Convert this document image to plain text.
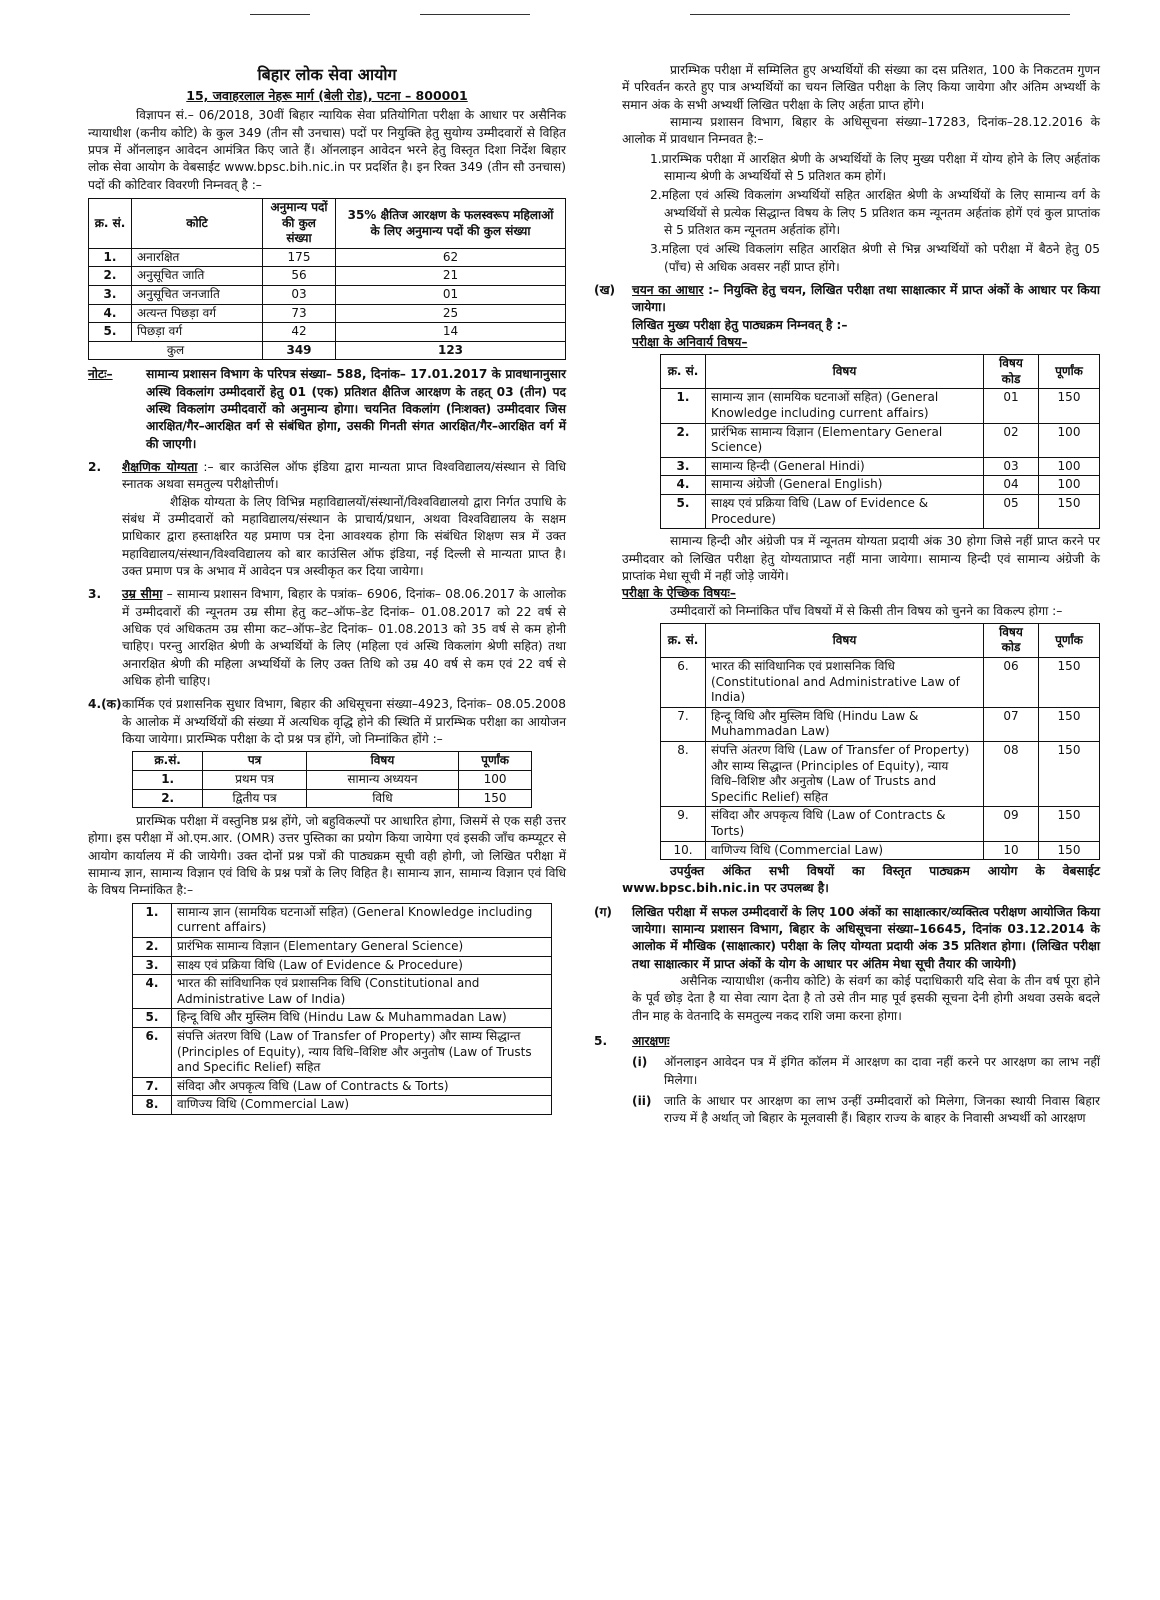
बिहार लोक सेवा आयोग
15, जवाहरलाल नेहरू मार्ग (बेली रोड), पटना – 800001

विज्ञापन सं.– 06/2018, 30वीं बिहार न्यायिक सेवा प्रतियोगिता परीक्षा के आधार पर असैनिक न्यायाधीश (कनीय कोटि) के कुल 349 (तीन सौ उनचास) पदों पर नियुक्ति हेतु सुयोग्य उम्मीदवारों से विहित प्रपत्र में ऑनलाइन आवेदन आमंत्रित किए जाते हैं। ऑनलाइन आवेदन भरने हेतु विस्तृत दिशा निर्देश बिहार लोक सेवा आयोग के वेबसाईट www.bpsc.bih.nic.in पर प्रदर्शित है। इन रिक्त 349 (तीन सौ उनचास) पदों की कोटिवार विवरणी निम्नवत् है :–

क्र. सं.	कोटि	अनुमान्य पदों की कुल संख्या	35% क्षैतिज आरक्षण के फलस्वरूप महिलाओं के लिए अनुमान्य पदों की कुल संख्या
1.	अनारक्षित	175	62
2.	अनुसूचित जाति	56	21
3.	अनुसूचित जनजाति	03	01
4.	अत्यन्त पिछड़ा वर्ग	73	25
5.	पिछड़ा वर्ग	42	14
कुल		349	123
नोटः–	सामान्य प्रशासन विभाग के परिपत्र संख्या– 588, दिनांक– 17.01.2017 के प्रावधानानुसार अस्थि विकलांग उम्मीदवारों हेतु 01 (एक) प्रतिशत क्षैतिज आरक्षण के तहत् 03 (तीन) पद अस्थि विकलांग उम्मीदवारों को अनुमान्य होगा। चयनित विकलांग (निःशक्त) उम्मीदवार जिस आरक्षित/गैर–आरक्षित वर्ग से संबंधित होगा, उसकी गिनती संगत आरक्षित/गैर–आरक्षित वर्ग में की जाएगी।

2.	शैक्षणिक योग्यता :– बार काउंसिल ऑफ इंडिया द्वारा मान्यता प्राप्त विश्वविद्यालय/संस्थान से विधि स्नातक अथवा समतुल्य परीक्षोत्तीर्ण।

शैक्षिक योग्यता के लिए विभिन्न महाविद्यालयों/संस्थानों/विश्वविद्यालयो द्वारा निर्गत उपाधि के संबंध में उम्मीदवारों को महाविद्यालय/संस्थान के प्राचार्य/प्रधान, अथवा विश्वविद्यालय के सक्षम प्राधिकार द्वारा हस्ताक्षरित यह प्रमाण पत्र देना आवश्यक होगा कि संबंधित शिक्षण सत्र में उक्त महाविद्यालय/संस्थान/विश्वविद्यालय को बार काउंसिल ऑफ इंडिया, नई दिल्ली से मान्यता प्राप्त है। उक्त प्रमाण पत्र के अभाव में आवेदन पत्र अस्वीकृत कर दिया जायेगा।

3.	उम्र सीमा – सामान्य प्रशासन विभाग, बिहार के पत्रांक– 6906, दिनांक– 08.06.2017 के आलोक में उम्मीदवारों की न्यूनतम उम्र सीमा हेतु कट–ऑफ–डेट दिनांक– 01.08.2017 को 22 वर्ष से अधिक एवं अधिकतम उम्र सीमा कट–ऑफ–डेट दिनांक– 01.08.2013 को 35 वर्ष से कम होनी चाहिए। परन्तु आरक्षित श्रेणी के अभ्यर्थियों के लिए (महिला एवं अस्थि विकलांग श्रेणी सहित) तथा अनारक्षित श्रेणी की महिला अभ्यर्थियों के लिए उक्त तिथि को उम्र 40 वर्ष से कम एवं 22 वर्ष से अधिक होनी चाहिए।

4.(क) कार्मिक एवं प्रशासनिक सुधार विभाग, बिहार की अधिसूचना संख्या–4923, दिनांक– 08.05.2008 के आलोक में अभ्यर्थियों की संख्या में अत्यधिक वृद्धि होने की स्थिति में प्रारम्भिक परीक्षा का आयोजन किया जायेगा। प्रारम्भिक परीक्षा के दो प्रश्न पत्र होंगे, जो निम्नांकित होंगे :–

क्र.सं.	पत्र	विषय	पूर्णांक
1.	प्रथम पत्र	सामान्य अध्ययन	100
2.	द्वितीय पत्र	विधि	150

प्रारम्भिक परीक्षा में वस्तुनिष्ठ प्रश्न होंगे, जो बहुविकल्पों पर आधारित होगा, जिसमें से एक सही उत्तर होगा। इस परीक्षा में ओ.एम.आर. (OMR) उत्तर पुस्तिका का प्रयोग किया जायेगा एवं इसकी जाँच कम्प्यूटर से आयोग कार्यालय में की जायेगी। उक्त दोनों प्रश्न पत्रों की पाठ्यक्रम सूची वही होगी, जो लिखित परीक्षा में सामान्य ज्ञान, सामान्य विज्ञान एवं विधि के प्रश्न पत्रों के लिए विहित है। सामान्य ज्ञान, सामान्य विज्ञान एवं विधि के विषय निम्नांकित है:–

1.	सामान्य ज्ञान (सामयिक घटनाओं सहित) (General Knowledge including current affairs)
2.	प्रारंभिक सामान्य विज्ञान (Elementary General Science)
3.	साक्ष्य एवं प्रक्रिया विधि (Law of Evidence & Procedure)
4.	भारत की सांविधानिक एवं प्रशासनिक विधि (Constitutional and Administrative Law of India)
5.	हिन्दू विधि और मुस्लिम विधि (Hindu Law & Muhammadan Law)
6.	संपत्ति अंतरण विधि (Law of Transfer of Property) और साम्य सिद्धान्त (Principles of Equity), न्याय विधि–विशिष्ट और अनुतोष (Law of Trusts and Specific Relief) सहित
7.	संविदा और अपकृत्य विधि (Law of Contracts & Torts)
8.	वाणिज्य विधि (Commercial Law)

प्रारम्भिक परीक्षा में सम्मिलित हुए अभ्यर्थियों की संख्या का दस प्रतिशत, 100 के निकटतम गुणन में परिवर्तन करते हुए पात्र अभ्यर्थियों का चयन लिखित परीक्षा के लिए किया जायेगा और अंतिम अभ्यर्थी के समान अंक के सभी अभ्यर्थी लिखित परीक्षा के लिए अर्हता प्राप्त होंगे।

सामान्य प्रशासन विभाग, बिहार के अधिसूचना संख्या–17283, दिनांक–28.12.2016 के आलोक में प्रावधान निम्नवत है:–

1.प्रारम्भिक परीक्षा में आरक्षित श्रेणी के अभ्यर्थियों के लिए मुख्य परीक्षा में योग्य होने के लिए अर्हतांक सामान्य श्रेणी के अभ्यर्थियों से 5 प्रतिशत कम होगें।

2.महिला एवं अस्थि विकलांग अभ्यर्थियों सहित आरक्षित श्रेणी के अभ्यर्थियों के लिए सामान्य वर्ग के अभ्यर्थियों से प्रत्येक सिद्धान्त विषय के लिए 5 प्रतिशत कम न्यूनतम अर्हतांक होगें एवं कुल प्राप्तांक से 5 प्रतिशत कम न्यूनतम अर्हतांक होंगे।

3.महिला एवं अस्थि विकलांग सहित आरक्षित श्रेणी से भिन्न अभ्यर्थियों को परीक्षा में बैठने हेतु 05 (पाँच) से अधिक अवसर नहीं प्राप्त होंगे।

(ख)	चयन का आधार :– नियुक्ति हेतु चयन, लिखित परीक्षा तथा साक्षात्कार में प्राप्त अंकों के आधार पर किया जायेगा।

लिखित मुख्य परीक्षा हेतु पाठ्यक्रम निम्नवत् है :–

परीक्षा के अनिवार्य विषय–

क्र. सं.	विषय	विषय कोड	पूर्णांक
1.	सामान्य ज्ञान (सामयिक घटनाओं सहित) (General Knowledge including current affairs)	01	150
2.	प्रारंभिक सामान्य विज्ञान (Elementary General Science)	02	100
3.	सामान्य हिन्दी (General Hindi)	03	100
4.	सामान्य अंग्रेजी (General English)	04	100
5.	साक्ष्य एवं प्रक्रिया विधि (Law of Evidence & Procedure)	05	150

सामान्य हिन्दी और अंग्रेजी पत्र में न्यूनतम योग्यता प्रदायी अंक 30 होगा जिसे नहीं प्राप्त करने पर उम्मीदवार को लिखित परीक्षा हेतु योग्यताप्राप्त नहीं माना जायेगा। सामान्य हिन्दी एवं सामान्य अंग्रेजी के प्राप्तांक मेधा सूची में नहीं जोड़े जायेंगे।

परीक्षा के ऐच्छिक विषयः–

उम्मीदवारों को निम्नांकित पाँच विषयों में से किसी तीन विषय को चुनने का विकल्प होगा :–

क्र. सं.	विषय	विषय कोड	पूर्णांक
6.	भारत की सांविधानिक एवं प्रशासनिक विधि (Constitutional and Administrative Law of India)	06	150
7.	हिन्दू विधि और मुस्लिम विधि (Hindu Law & Muhammadan Law)	07	150
8.	संपत्ति अंतरण विधि (Law of Transfer of Property) और साम्य सिद्धान्त (Principles of Equity), न्याय विधि–विशिष्ट और अनुतोष (Law of Trusts and Specific Relief) सहित	08	150
9.	संविदा और अपकृत्य विधि (Law of Contracts & Torts)	09	150
10.	वाणिज्य विधि (Commercial Law)	10	150

उपर्युक्त अंकित सभी विषयों का विस्तृत पाठ्यक्रम आयोग के वेबसाईट www.bpsc.bih.nic.in पर उपलब्ध है।

(ग)	लिखित परीक्षा में सफल उम्मीदवारों के लिए 100 अंकों का साक्षात्कार/व्यक्तित्व परीक्षण आयोजित किया जायेगा। सामान्य प्रशासन विभाग, बिहार के अधिसूचना संख्या–16645, दिनांक 03.12.2014 के आलोक में मौखिक (साक्षात्कार) परीक्षा के लिए योग्यता प्रदायी अंक 35 प्रतिशत होगा। (लिखित परीक्षा तथा साक्षात्कार में प्राप्त अंकों के योग के आधार पर अंतिम मेधा सूची तैयार की जायेगी)

असैनिक न्यायाधीश (कनीय कोटि) के संवर्ग का कोई पदाधिकारी यदि सेवा के तीन वर्ष पूरा होने के पूर्व छोड़ देता है या सेवा त्याग देता है तो उसे तीन माह पूर्व इसकी सूचना देनी होगी अथवा उसके बदले तीन माह के वेतनादि के समतुल्य नकद राशि जमा करना होगा।

5.	आरक्षणः

(i)	ऑनलाइन आवेदन पत्र में इंगित कॉलम में आरक्षण का दावा नहीं करने पर आरक्षण का लाभ नहीं मिलेगा।

(ii)	जाति के आधार पर आरक्षण का लाभ उन्हीं उम्मीदवारों को मिलेगा, जिनका स्थायी निवास बिहार राज्य में है अर्थात् जो बिहार के मूलवासी हैं। बिहार राज्य के बाहर के निवासी अभ्यर्थी को आरक्षण
